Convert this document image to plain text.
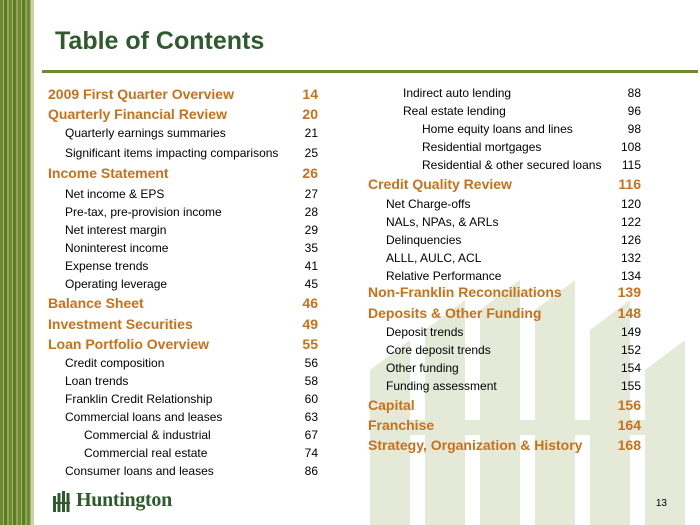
Table of Contents
2009 First Quarter Overview	14
Quarterly Financial Review	20
Quarterly earnings summaries	21
Significant items impacting comparisons 25
Income Statement	26
Net income & EPS	27
Pre-tax, pre-provision income	28
Net interest margin	29
Noninterest income	35
Expense trends	41
Operating leverage	45
Balance Sheet	46
Investment Securities	49
Loan Portfolio Overview	55
Credit composition	56
Loan trends	58
Franklin Credit Relationship	60
Commercial loans and leases	63
Commercial & industrial	67
Commercial real estate	74
Consumer loans and leases	86
Indirect auto lending	88
Real estate lending	96
Home equity loans and lines	98
Residential mortgages	108
Residential & other secured loans 115
Credit Quality Review	116
Net Charge-offs	120
NALs, NPAs, & ARLs	122
Delinquencies	126
ALLL, AULC, ACL	132
Relative Performance	134
Non-Franklin Reconciliations	139
Deposits & Other Funding	148
Deposit trends	149
Core deposit trends	152
Other funding	154
Funding assessment	155
Capital	156
Franchise	164
Strategy, Organization & History	168
Huntington	13
